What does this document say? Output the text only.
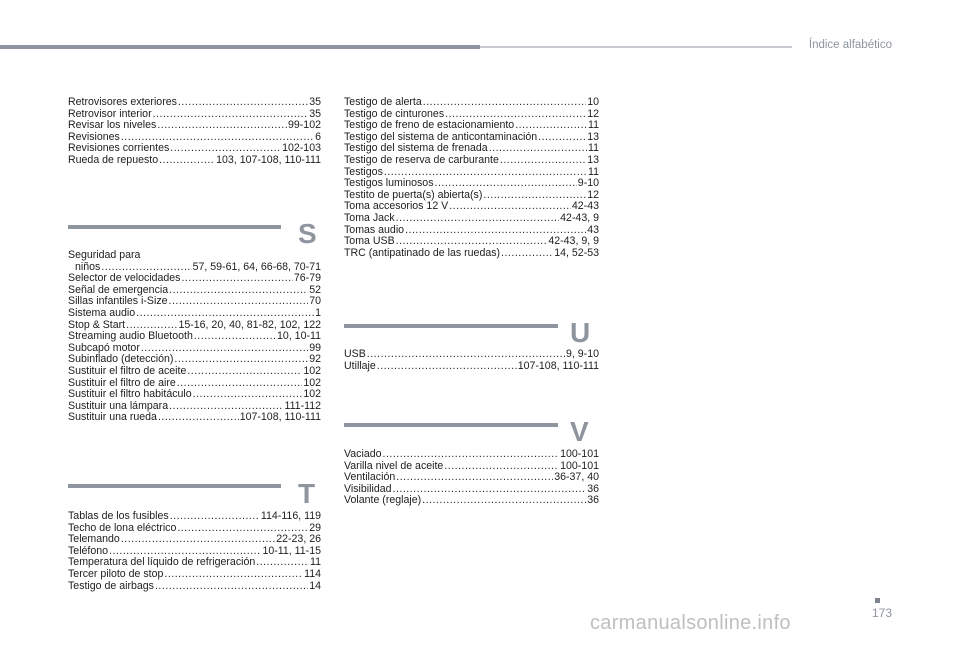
Índice alfabético
Retrovisores exteriores .....	35
Retrovisor interior .....	35
Revisar los niveles .....	99-102
Revisiones .....	6
Revisiones corrientes .....	102-103
Rueda de repuesto .....	103, 107-108, 110-111
S
Seguridad para
niños .....	57, 59-61, 64, 66-68, 70-71
Selector de velocidades .....	76-79
Señal de emergencia .....	52
Sillas infantiles i-Size .....	70
Sistema audio .....	1
Stop & Start .....	15-16, 20, 40, 81-82, 102, 122
Streaming audio Bluetooth .....	10, 10-11
Subcapó motor .....	99
Subinflado (detección) .....	92
Sustituir el filtro de aceite .....	102
Sustituir el filtro de aire .....	102
Sustituir el filtro habitáculo .....	102
Sustituir una lámpara .....	111-112
Sustituir una rueda .....	107-108, 110-111
T
Tablas de los fusibles .....	114-116, 119
Techo de lona eléctrico .....	29
Telemando .....	22-23, 26
Teléfono .....	10-11, 11-15
Temperatura del líquido de refrigeración .....	11
Tercer piloto de stop .....	114
Testigo de airbags .....	14
Testigo de alerta .....	10
Testigo de cinturones .....	12
Testigo de freno de estacionamiento .....	11
Testigo del sistema de anticontaminación .....	13
Testigo del sistema de frenada .....	11
Testigo de reserva de carburante .....	13
Testigos .....	11
Testigos luminosos .....	9-10
Testito de puerta(s) abierta(s) .....	12
Toma accesorios 12 V .....	42-43
Toma Jack .....	42-43, 9
Tomas audio .....	43
Toma USB .....	42-43, 9, 9
TRC (antipatinado de las ruedas) .....	14, 52-53
U
USB .....	9, 9-10
Utillaje .....	107-108, 110-111
V
Vaciado .....	100-101
Varilla nivel de aceite .....	100-101
Ventilación .....	36-37, 40
Visibilidad .....	36
Volante (reglaje) .....	36
173
carmanualsonline.info
